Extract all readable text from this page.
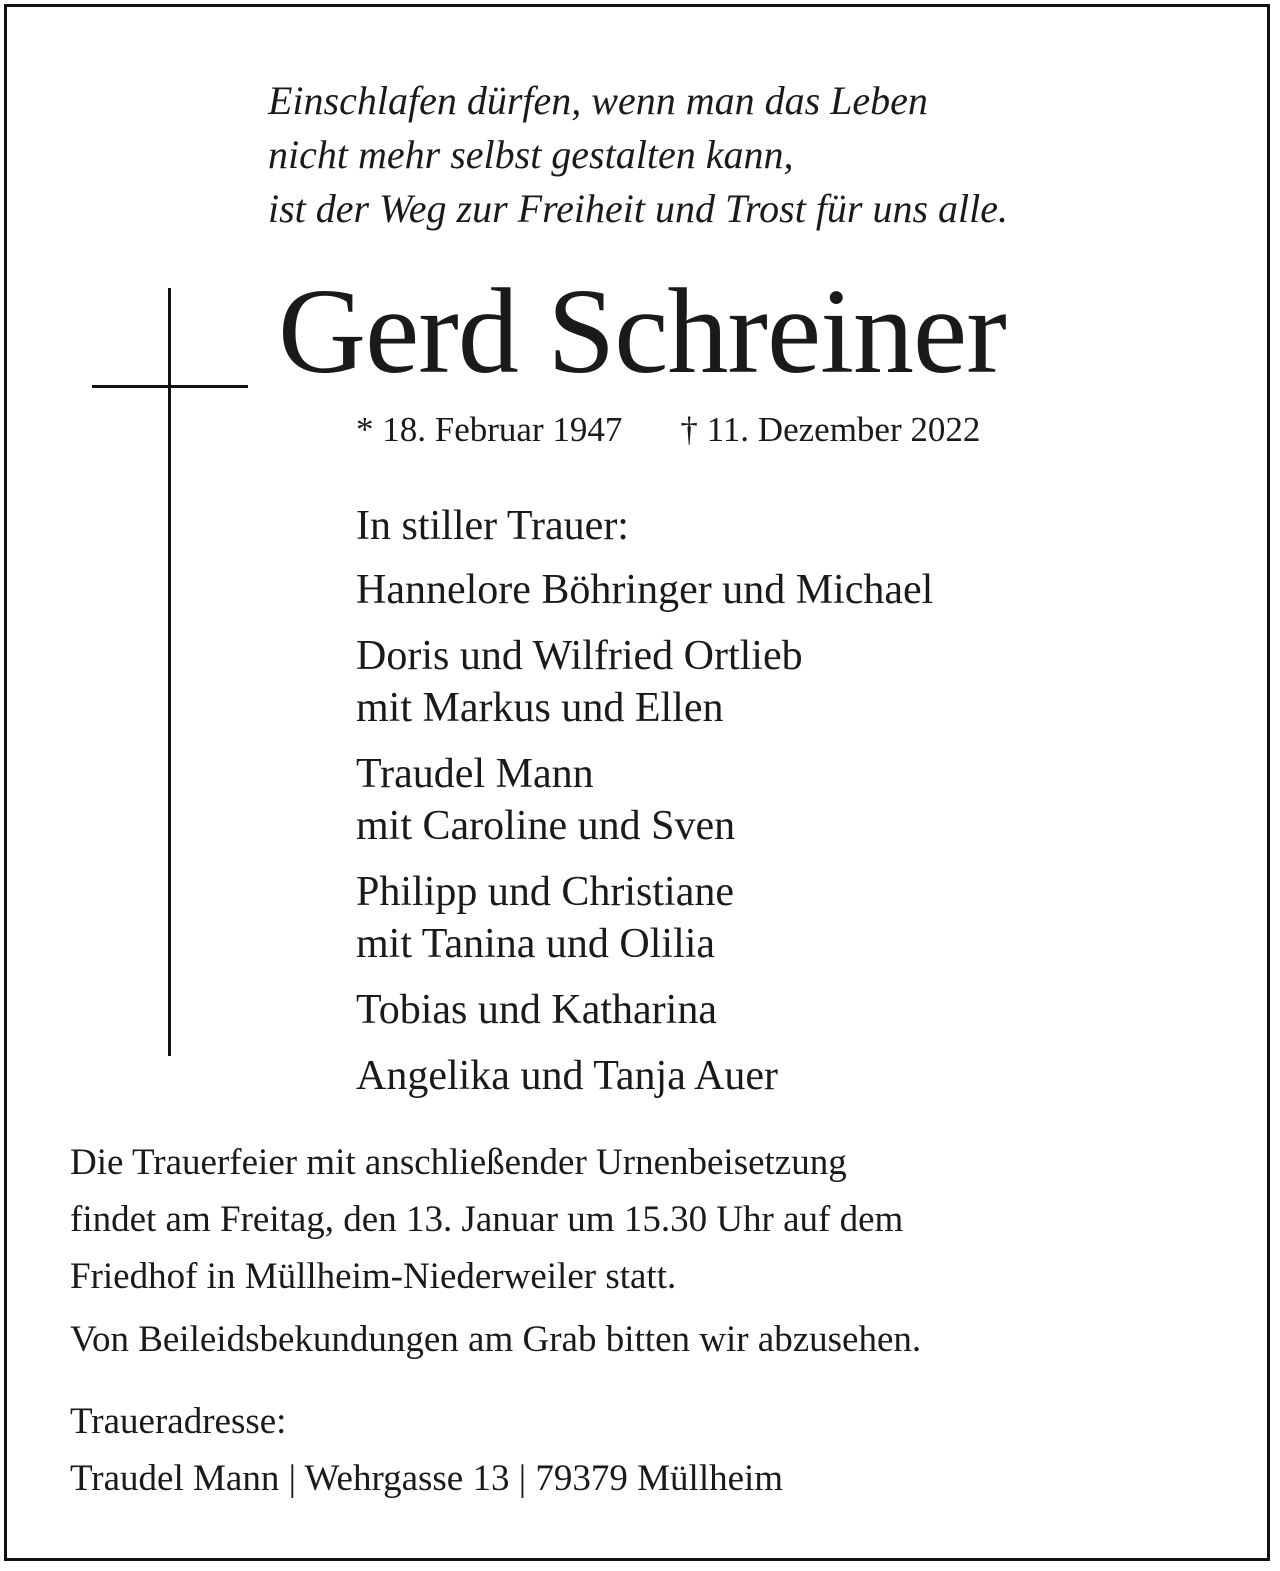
Einschlafen dürfen, wenn man das Leben
nicht mehr selbst gestalten kann,
ist der Weg zur Freiheit und Trost für uns alle.
Gerd Schreiner
* 18. Februar 1947 † 11. Dezember 2022
In stiller Trauer:
Hannelore Böhringer und Michael
Doris und Wilfried Ortlieb
mit Markus und Ellen
Traudel Mann
mit Caroline und Sven
Philipp und Christiane
mit Tanina und Olilia
Tobias und Katharina
Angelika und Tanja Auer
Die Trauerfeier mit anschließender Urnenbeisetzung
findet am Freitag, den 13. Januar um 15.30 Uhr auf dem
Friedhof in Müllheim-Niederweiler statt.
Von Beileidsbekundungen am Grab bitten wir abzusehen.
Traueradresse:
Traudel Mann | Wehrgasse 13 | 79379 Müllheim
